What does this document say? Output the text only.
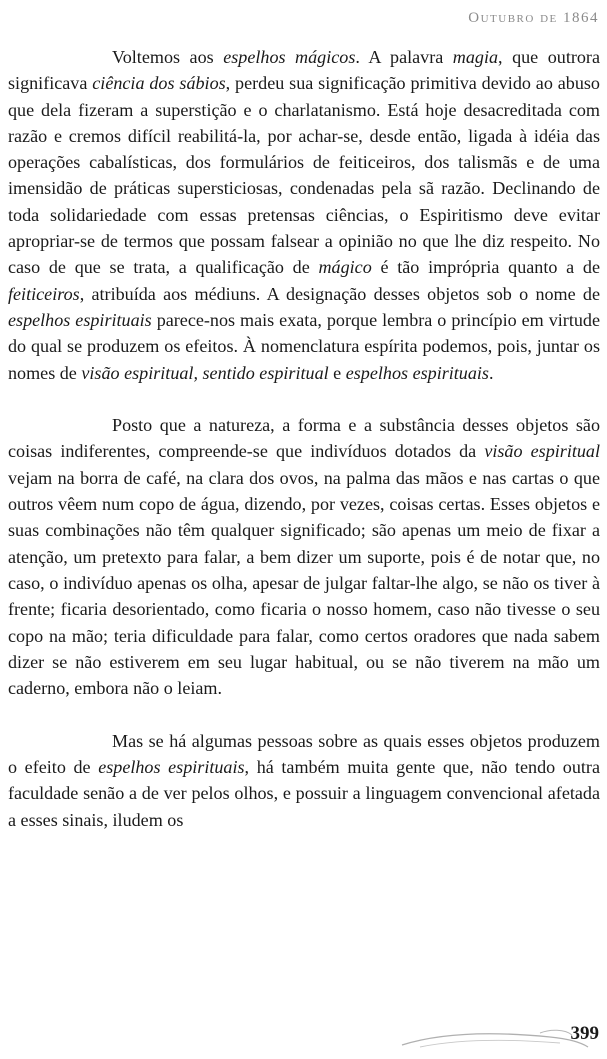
Outubro de 1864

Voltemos aos espelhos mágicos. A palavra magia, que outrora significava ciência dos sábios, perdeu sua significação primitiva devido ao abuso que dela fizeram a superstição e o charlatanismo. Está hoje desacreditada com razão e cremos difícil reabilitá-la, por achar-se, desde então, ligada à idéia das operações cabalísticas, dos formulários de feiticeiros, dos talismãs e de uma imensidão de práticas supersticiosas, condenadas pela sã razão. Declinando de toda solidariedade com essas pretensas ciências, o Espiritismo deve evitar apropriar-se de termos que possam falsear a opinião no que lhe diz respeito. No caso de que se trata, a qualificação de mágico é tão imprópria quanto a de feiticeiros, atribuída aos médiuns. A designação desses objetos sob o nome de espelhos espirituais parece-nos mais exata, porque lembra o princípio em virtude do qual se produzem os efeitos. À nomenclatura espírita podemos, pois, juntar os nomes de visão espiritual, sentido espiritual e espelhos espirituais.

Posto que a natureza, a forma e a substância desses objetos são coisas indiferentes, compreende-se que indivíduos dotados da visão espiritual vejam na borra de café, na clara dos ovos, na palma das mãos e nas cartas o que outros vêem num copo de água, dizendo, por vezes, coisas certas. Esses objetos e suas combinações não têm qualquer significado; são apenas um meio de fixar a atenção, um pretexto para falar, a bem dizer um suporte, pois é de notar que, no caso, o indivíduo apenas os olha, apesar de julgar faltar-lhe algo, se não os tiver à frente; ficaria desorientado, como ficaria o nosso homem, caso não tivesse o seu copo na mão; teria dificuldade para falar, como certos oradores que nada sabem dizer se não estiverem em seu lugar habitual, ou se não tiverem na mão um caderno, embora não o leiam.

Mas se há algumas pessoas sobre as quais esses objetos produzem o efeito de espelhos espirituais, há também muita gente que, não tendo outra faculdade senão a de ver pelos olhos, e possuir a linguagem convencional afetada a esses sinais, iludem os

399
